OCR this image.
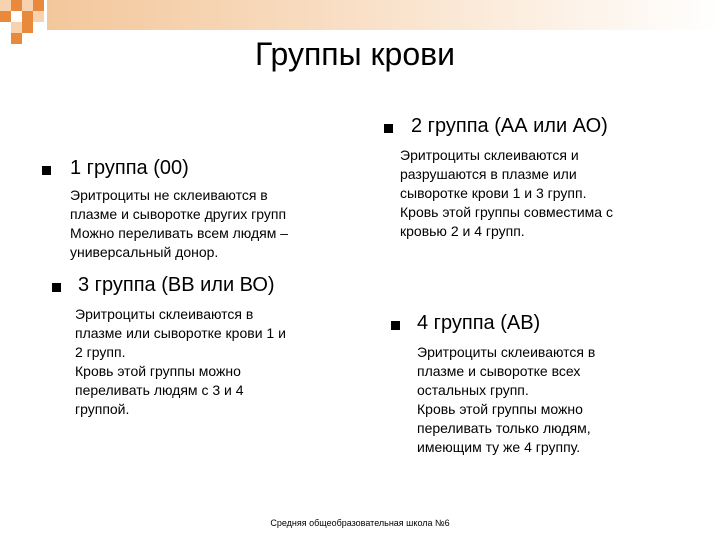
Группы крови
2 группа (АА или АО)
Эритроциты склеиваются и
разрушаются в плазме или
сыворотке крови 1 и 3 групп.
Кровь этой группы совместима с
кровью 2 и 4 групп.
1 группа (00)
Эритроциты не склеиваются в
плазме и сыворотке других групп
Можно переливать всем людям –
универсальный донор.
3 группа (ВВ или ВО)
Эритроциты склеиваются в
плазме или сыворотке крови 1 и
2 групп.
Кровь этой группы можно
переливать людям с 3 и 4
группой.
4 группа (АВ)
Эритроциты склеиваются в
плазме и сыворотке всех
остальных групп.
Кровь этой группы можно
переливать только людям,
имеющим ту же 4 группу.
Средняя общеобразовательная школа №6
